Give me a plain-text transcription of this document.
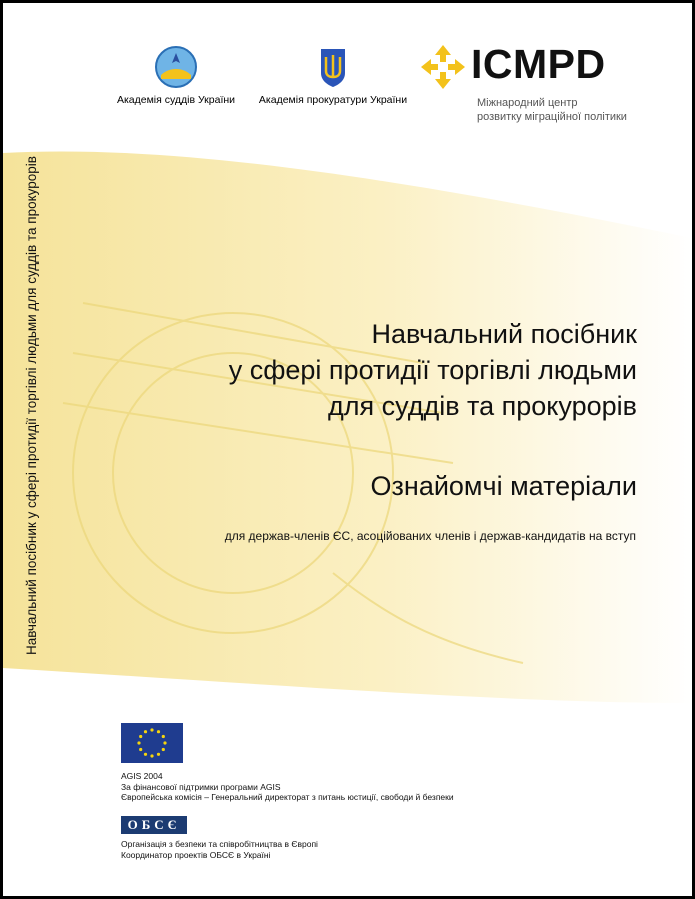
Академія суддів України	Академія прокуратури України
ICMPD
Міжнародний центр
розвитку міграційної політики
Навчальний посібник у сфері протидії торгівлі людьми для суддів та прокурорів	Навчальний посібник
у сфері протидії торгівлі людьми
для суддів та прокурорів
Ознайомчі матеріали
для держав-членів ЄС, асоційованих членів і держав-кандидатів на вступ
AGIS 2004
За фінансової підтримки програми AGIS
Європейська комісія – Генеральний директорат з питань юстиції, свободи й безпеки
ОБСЄ
Організація з безпеки та співробітництва в Європі
Координатор проектів ОБСЄ в Україні
